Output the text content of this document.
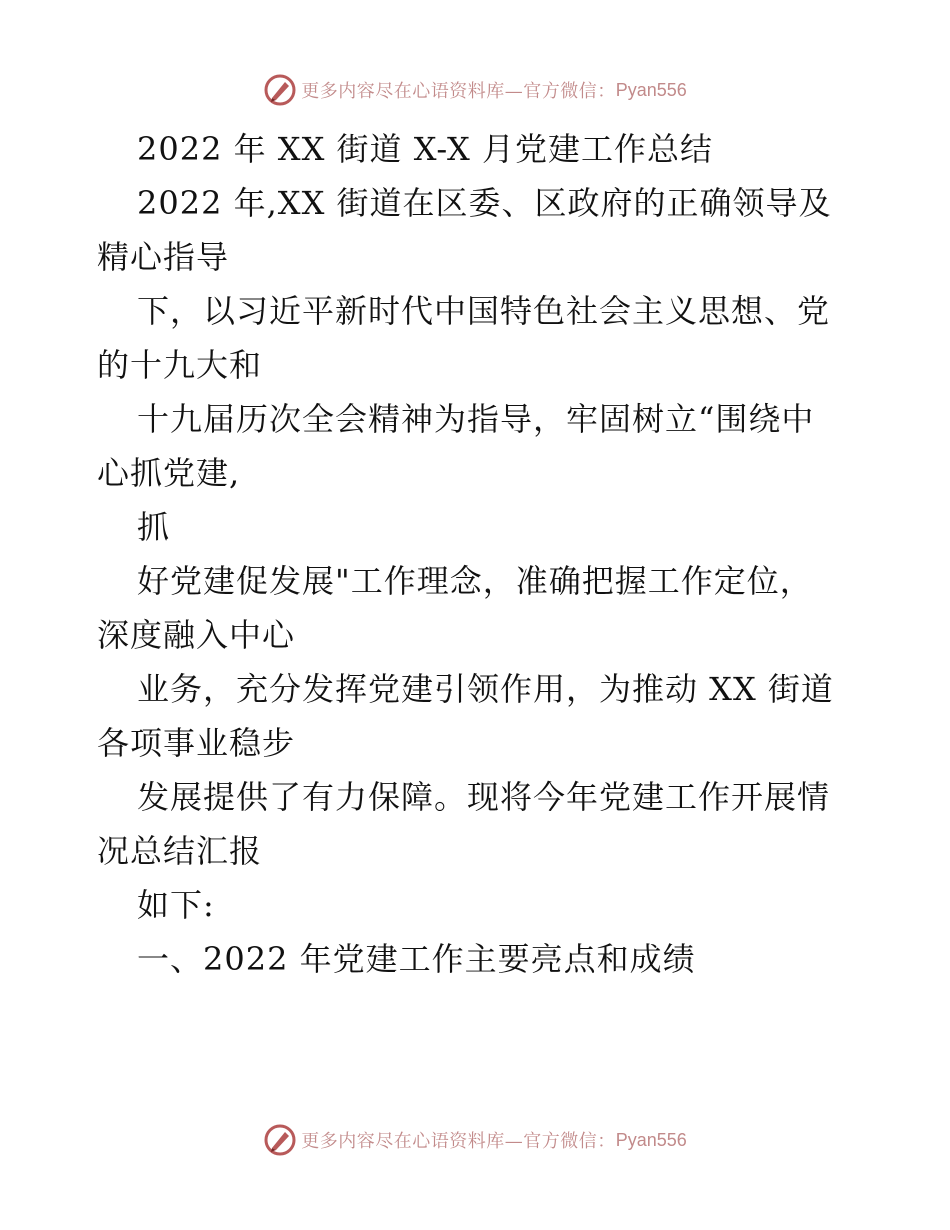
更多内容尽在心语资料库—官方微信： Pyan556

2022 年 XX 街道 X-X 月党建工作总结

2022 年,XX 街道在区委、区政府的正确领导及

精心指导

下，以习近平新时代中国特色社会主义思想、党

的十九大和

十九届历次全会精神为指导，牢固树立“围绕中

心抓党建,

抓

好党建促发展"工作理念，准确把握工作定位，

深度融入中心

业务，充分发挥党建引领作用，为推动 XX 街道

各项事业稳步

发展提供了有力保障。现将今年党建工作开展情

况总结汇报

如下:

一、2022 年党建工作主要亮点和成绩

更多内容尽在心语资料库—官方微信： Pyan556
